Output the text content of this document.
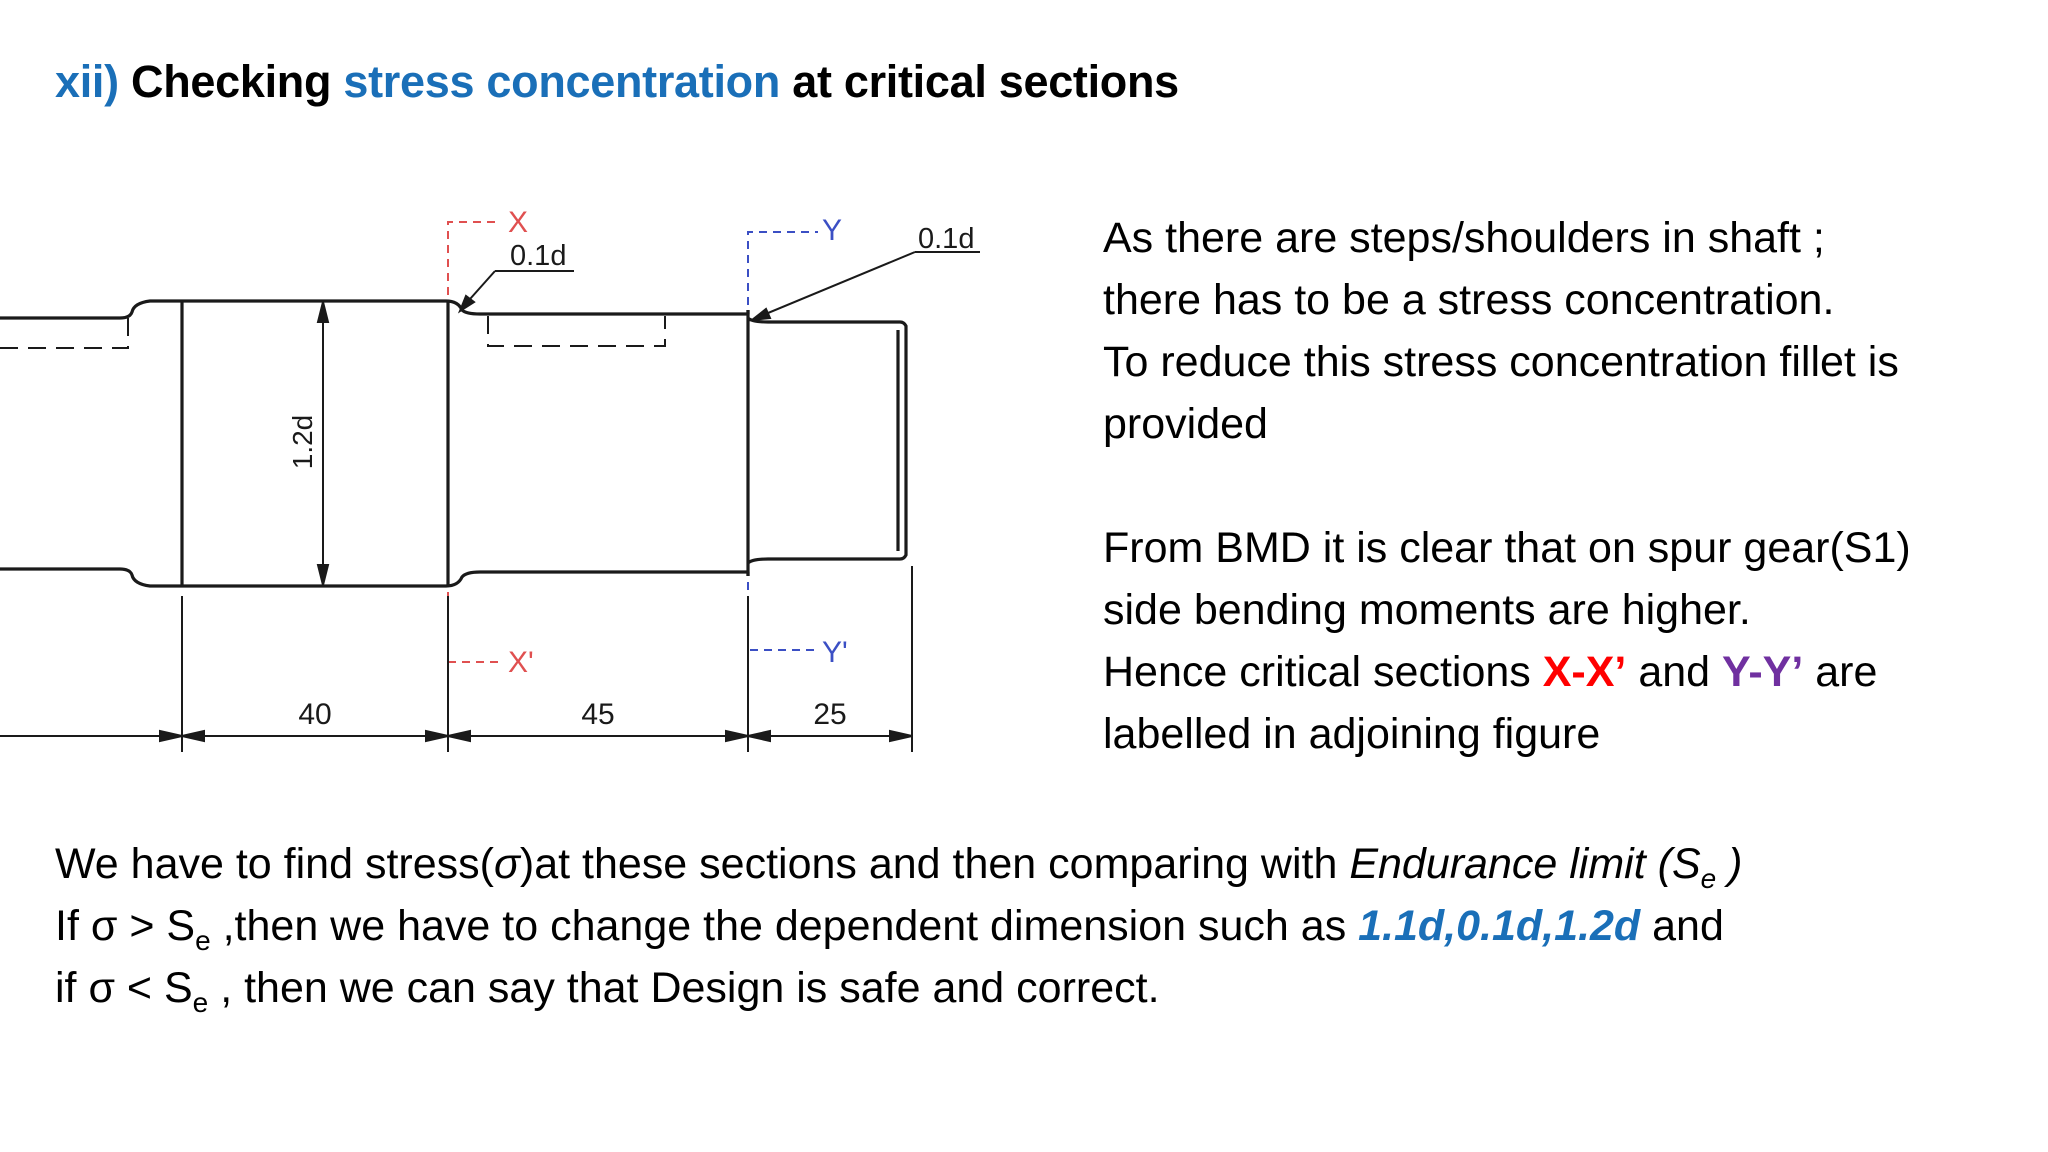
xii) Checking stress concentration at critical sections
1.2d
X
X'
Y
Y'
0.1d
0.1d
40	45	25

As there are steps/shoulders in shaft ;

there has to be a stress concentration.

To reduce this stress concentration fillet is

provided

From BMD it is clear that on spur gear(S1)

side bending moments are higher.

Hence critical sections X-X’ and Y-Y’ are

labelled in adjoining figure

We have to find stress(σ)at these sections and then comparing with Endurance limit ($S_e$ )

If $\sigma > S_e$ ,then we have to change the dependent dimension such as 1.1d,0.1d,1.2d and

if $\sigma < S_e$ , then we can say that Design is safe and correct.
